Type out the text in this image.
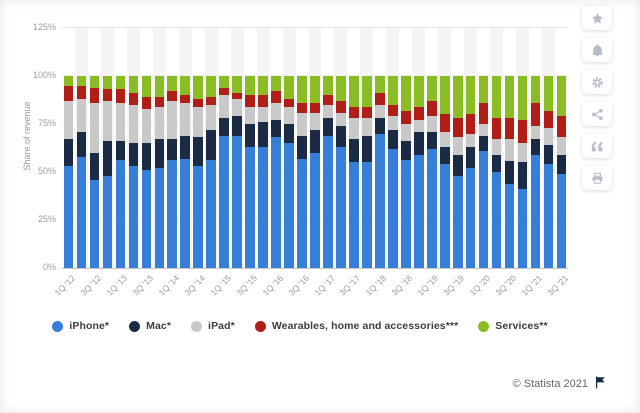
Share of revenue
0%
25%
50%
75%
100%
125%
1Q '12 3Q '12 1Q '13 3Q '13 1Q '14 3Q '14 1Q '15 3Q '15 1Q '16 3Q '16 1Q '17 3Q '17 1Q '18 3Q '18 1Q '19 3Q '19 1Q '20 3Q '20 1Q '21 3Q '21
iPhone*	Mac*	iPad*	Wearables, home and accessories***	Services**
© Statista 2021
